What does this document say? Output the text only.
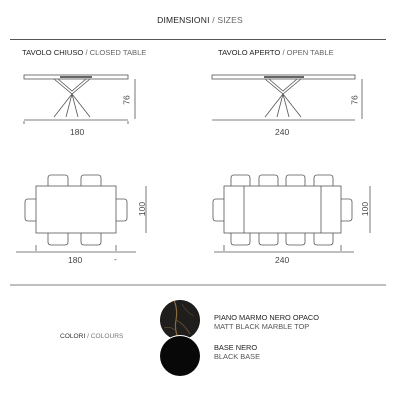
DIMENSIONI / SIZES
TAVOLO CHIUSO / CLOSED TABLE	TAVOLO APERTO / OPEN TABLE
76
180
76
240
100
180	-
100
240
COLORI / COLOURS
PIANO MARMO NERO OPACO
MATT BLACK MARBLE TOP
BASE NERO
BLACK BASE
